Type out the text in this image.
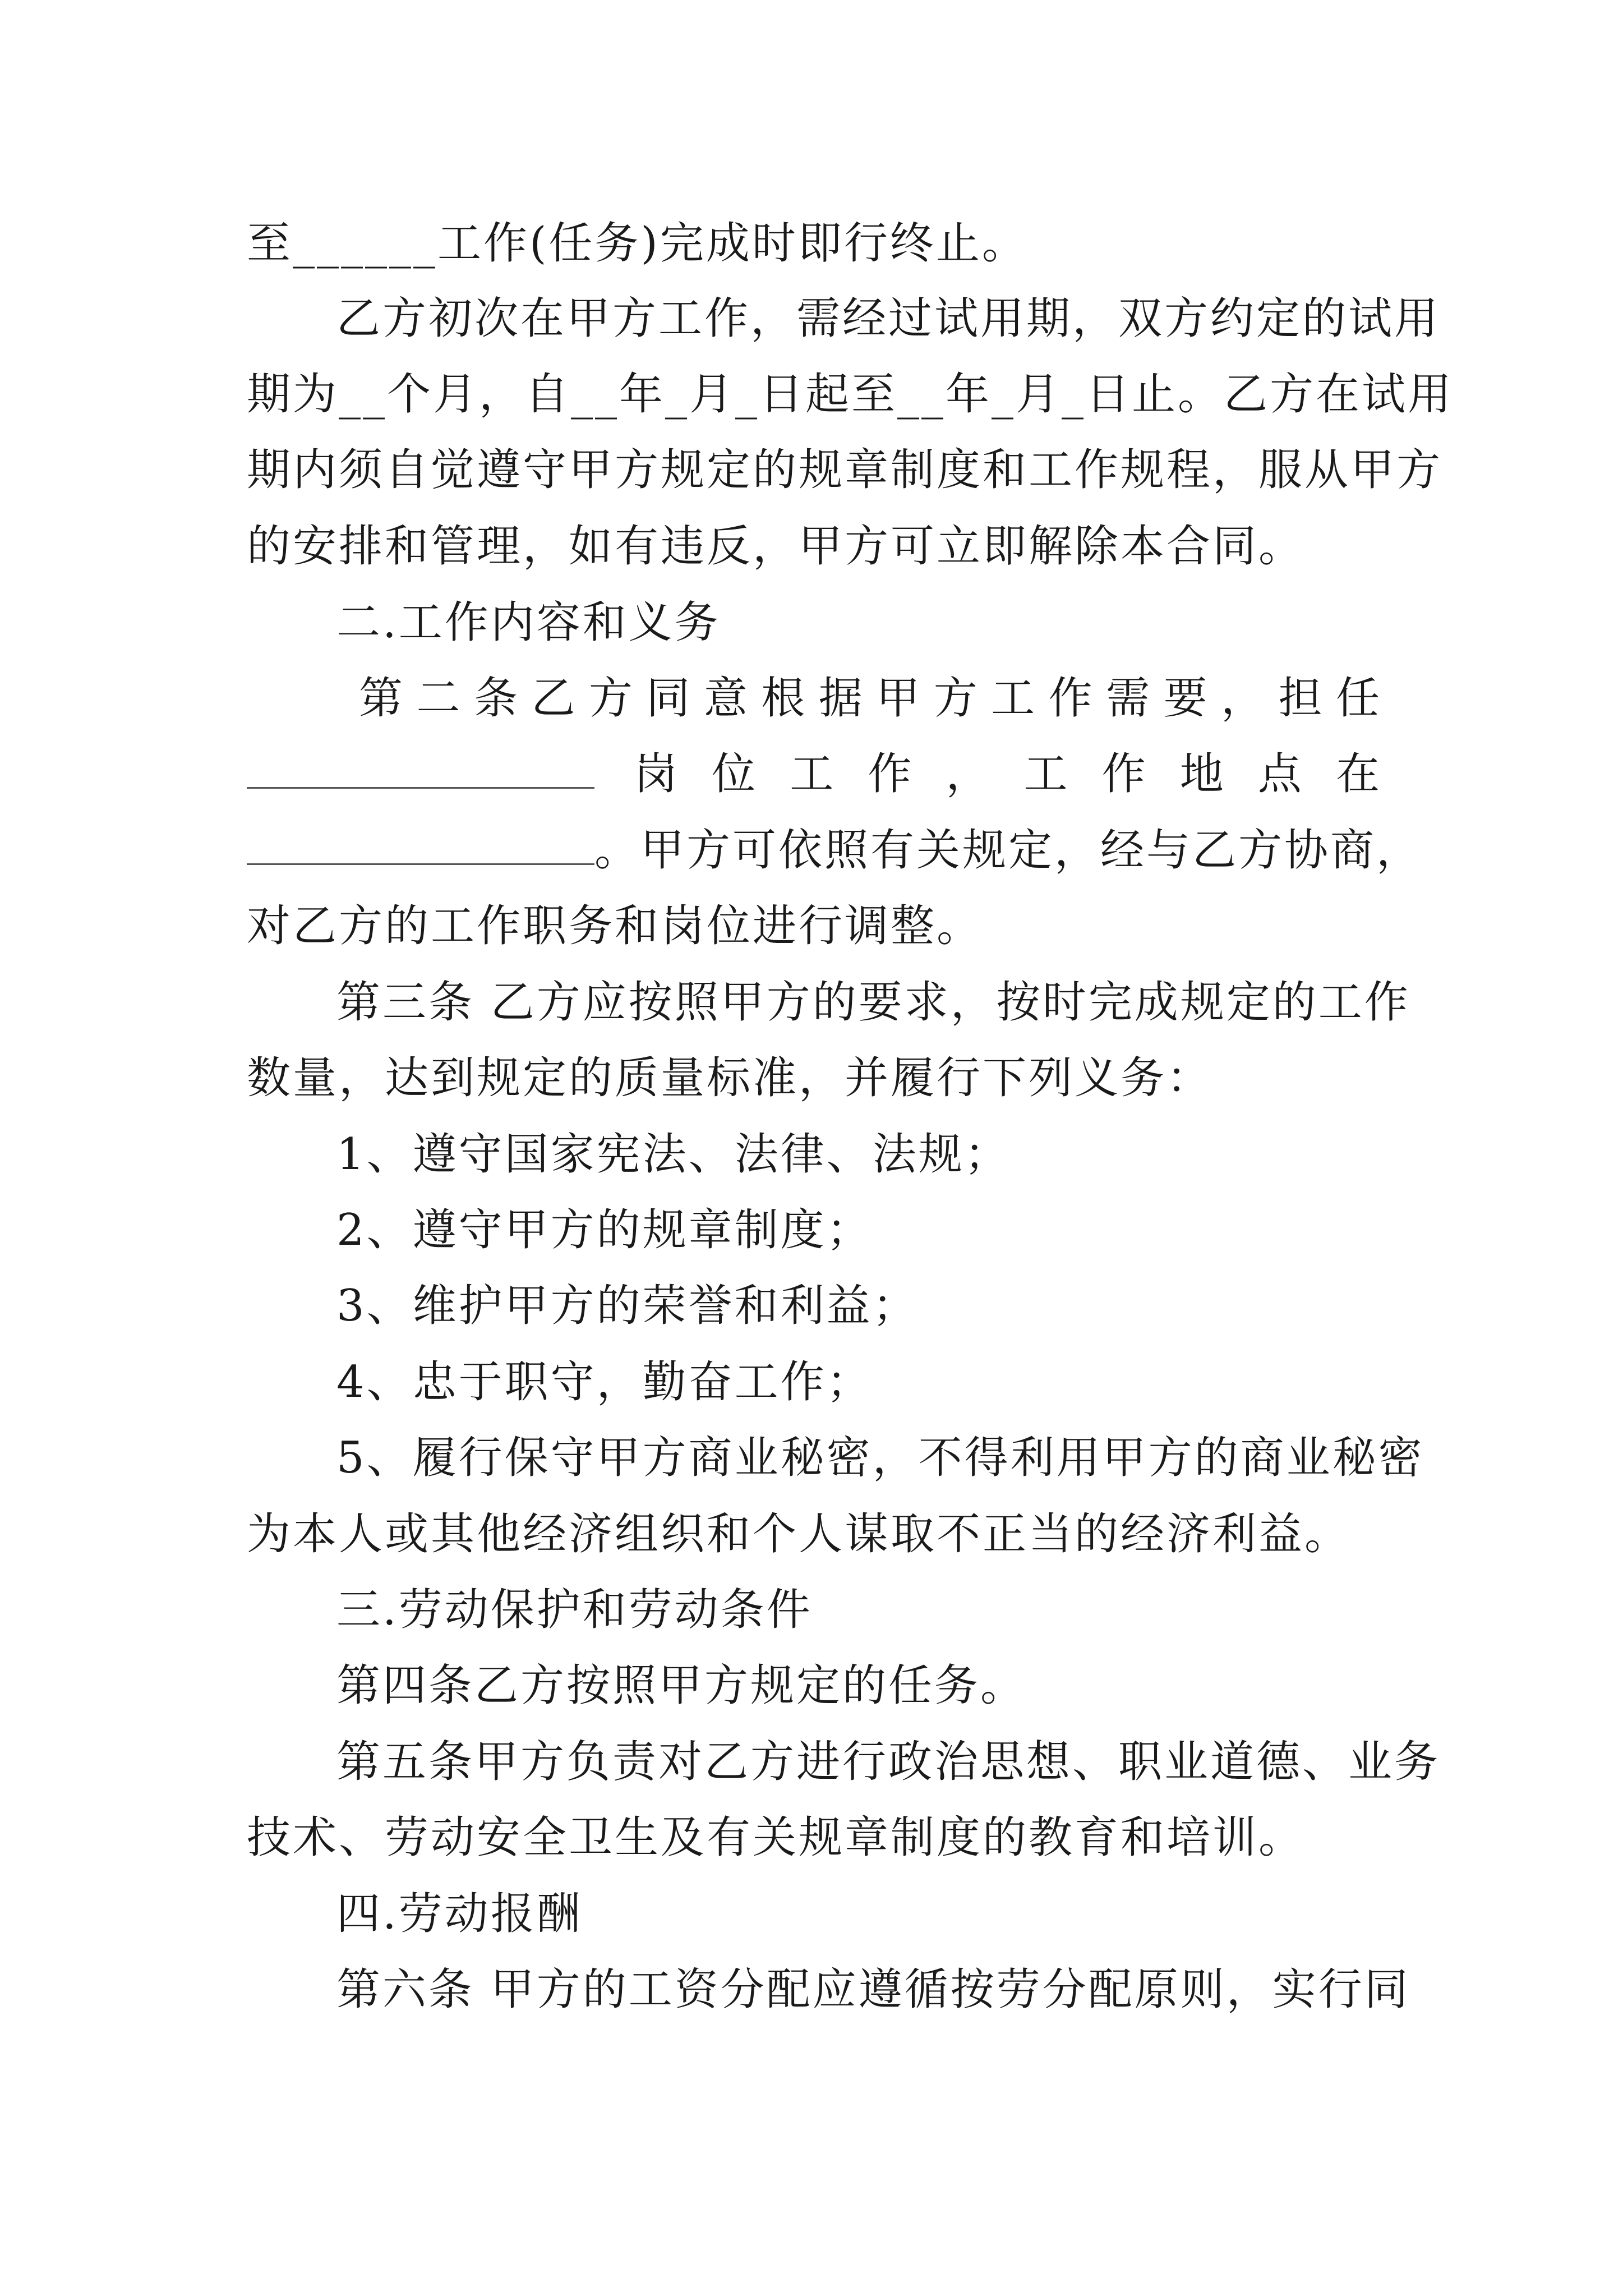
至______工作(任务)完成时即行终止。
乙方初次在甲方工作，需经过试用期，双方约定的试用
期为__个月，自__年_月_日起至__年_月_日止。乙方在试用
期内须自觉遵守甲方规定的规章制度和工作规程，服从甲方
的安排和管理，如有违反，甲方可立即解除本合同。
二.工作内容和义务
第 二 条 乙 方 同 意 根 据 甲 方 工 作 需 要 ， 担 任
岗 位 工 作 ， 工 作 地 点 在
。甲方可依照有关规定，经与乙方协商，
对乙方的工作职务和岗位进行调整。
第三条 乙方应按照甲方的要求，按时完成规定的工作
数量，达到规定的质量标准，并履行下列义务：
1、遵守国家宪法、法律、法规；
2、遵守甲方的规章制度；
3、维护甲方的荣誉和利益；
4、忠于职守，勤奋工作；
5、履行保守甲方商业秘密，不得利用甲方的商业秘密
为本人或其他经济组织和个人谋取不正当的经济利益。
三.劳动保护和劳动条件
第四条乙方按照甲方规定的任务。
第五条甲方负责对乙方进行政治思想、职业道德、业务
技术、劳动安全卫生及有关规章制度的教育和培训。
四.劳动报酬
第六条 甲方的工资分配应遵循按劳分配原则，实行同
